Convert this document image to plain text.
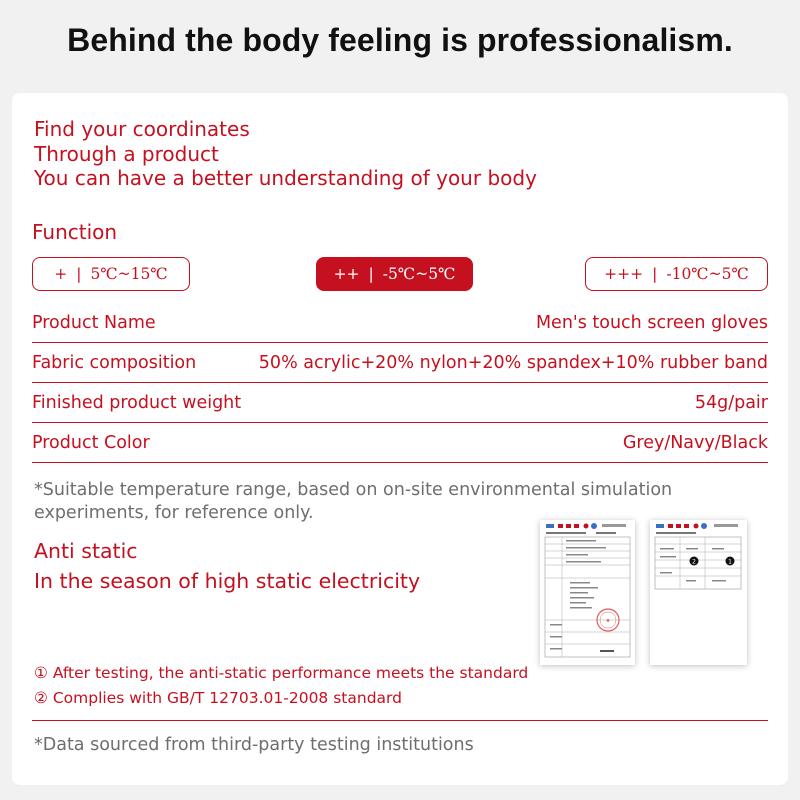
Behind the body feeling is professionalism.
Find your coordinates
Through a product
You can have a better understanding of your body
Function
+ | 5℃~15℃	++ | -5℃~5℃	+++ | -10℃~5℃
Product Name	Men's touch screen gloves
Fabric composition	50% acrylic+20% nylon+20% spandex+10% rubber band
Finished product weight	54g/pair
Product Color	Grey/Navy/Black
*Suitable temperature range, based on on-site environmental simulation experiments, for reference only.
Anti static
In the season of high static electricity
★
2	1
① After testing, the anti-static performance meets the standard
② Complies with GB/T 12703.01-2008 standard
*Data sourced from third-party testing institutions
